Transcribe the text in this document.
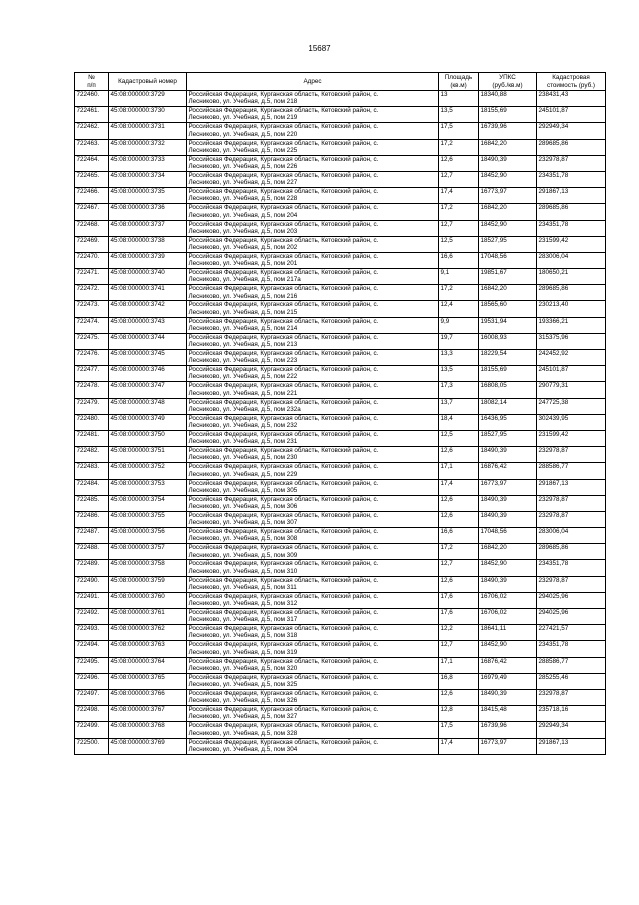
15687
№
п/п	Кадастровый номер	Адрес	Площадь
(кв.м)	УПКС
(руб./кв.м)	Кадастровая
стоимость (руб.)
722460.	45:08:000000:3729	Российская Федерация, Курганская область, Кетовский район, с.
Лесниково, ул. Учебная, д.5, пом 218	13	18340,88	238431,43
722461.	45:08:000000:3730	Российская Федерация, Курганская область, Кетовский район, с.
Лесниково, ул. Учебная, д.5, пом 219	13,5	18155,69	245101,87
722462.	45:08:000000:3731	Российская Федерация, Курганская область, Кетовский район, с.
Лесниково, ул. Учебная, д.5, пом 220	17,5	16739,96	292949,34
722463.	45:08:000000:3732	Российская Федерация, Курганская область, Кетовский район, с.
Лесниково, ул. Учебная, д.5, пом 225	17,2	16842,20	289685,86
722464.	45:08:000000:3733	Российская Федерация, Курганская область, Кетовский район, с.
Лесниково, ул. Учебная, д.5, пом 226	12,6	18490,39	232978,87
722465.	45:08:000000:3734	Российская Федерация, Курганская область, Кетовский район, с.
Лесниково, ул. Учебная, д.5, пом 227	12,7	18452,90	234351,78
722466.	45:08:000000:3735	Российская Федерация, Курганская область, Кетовский район, с.
Лесниково, ул. Учебная, д.5, пом 228	17,4	16773,97	291867,13
722467.	45:08:000000:3736	Российская Федерация, Курганская область, Кетовский район, с.
Лесниково, ул. Учебная, д.5, пом 204	17,2	16842,20	289685,86
722468.	45:08:000000:3737	Российская Федерация, Курганская область, Кетовский район, с.
Лесниково, ул. Учебная, д.5, пом 203	12,7	18452,90	234351,78
722469.	45:08:000000:3738	Российская Федерация, Курганская область, Кетовский район, с.
Лесниково, ул. Учебная, д.5, пом 202	12,5	18527,95	231599,42
722470.	45:08:000000:3739	Российская Федерация, Курганская область, Кетовский район, с.
Лесниково, ул. Учебная, д.5, пом 201	16,6	17048,56	283006,04
722471.	45:08:000000:3740	Российская Федерация, Курганская область, Кетовский район, с.
Лесниково, ул. Учебная, д.5, пом 217а	9,1	19851,67	180650,21
722472.	45:08:000000:3741	Российская Федерация, Курганская область, Кетовский район, с.
Лесниково, ул. Учебная, д.5, пом 216	17,2	16842,20	289685,86
722473.	45:08:000000:3742	Российская Федерация, Курганская область, Кетовский район, с.
Лесниково, ул. Учебная, д.5, пом 215	12,4	18565,60	230213,40
722474.	45:08:000000:3743	Российская Федерация, Курганская область, Кетовский район, с.
Лесниково, ул. Учебная, д.5, пом 214	9,9	19531,94	193366,21
722475.	45:08:000000:3744	Российская Федерация, Курганская область, Кетовский район, с.
Лесниково, ул. Учебная, д.5, пом 213	19,7	16008,93	315375,96
722476.	45:08:000000:3745	Российская Федерация, Курганская область, Кетовский район, с.
Лесниково, ул. Учебная, д.5, пом 223	13,3	18229,54	242452,92
722477.	45:08:000000:3746	Российская Федерация, Курганская область, Кетовский район, с.
Лесниково, ул. Учебная, д.5, пом 222	13,5	18155,69	245101,87
722478.	45:08:000000:3747	Российская Федерация, Курганская область, Кетовский район, с.
Лесниково, ул. Учебная, д.5, пом 221	17,3	16808,05	290779,31
722479.	45:08:000000:3748	Российская Федерация, Курганская область, Кетовский район, с.
Лесниково, ул. Учебная, д.5, пом 232а	13,7	18082,14	247725,38
722480.	45:08:000000:3749	Российская Федерация, Курганская область, Кетовский район, с.
Лесниково, ул. Учебная, д.5, пом 232	18,4	16436,95	302439,95
722481.	45:08:000000:3750	Российская Федерация, Курганская область, Кетовский район, с.
Лесниково, ул. Учебная, д.5, пом 231	12,5	18527,95	231599,42
722482.	45:08:000000:3751	Российская Федерация, Курганская область, Кетовский район, с.
Лесниково, ул. Учебная, д.5, пом 230	12,6	18490,39	232978,87
722483.	45:08:000000:3752	Российская Федерация, Курганская область, Кетовский район, с.
Лесниково, ул. Учебная, д.5, пом 229	17,1	16876,42	288586,77
722484.	45:08:000000:3753	Российская Федерация, Курганская область, Кетовский район, с.
Лесниково, ул. Учебная, д.5, пом 305	17,4	16773,97	291867,13
722485.	45:08:000000:3754	Российская Федерация, Курганская область, Кетовский район, с.
Лесниково, ул. Учебная, д.5, пом 306	12,6	18490,39	232978,87
722486.	45:08:000000:3755	Российская Федерация, Курганская область, Кетовский район, с.
Лесниково, ул. Учебная, д.5, пом 307	12,6	18490,39	232978,87
722487.	45:08:000000:3756	Российская Федерация, Курганская область, Кетовский район, с.
Лесниково, ул. Учебная, д.5, пом 308	16,6	17048,56	283006,04
722488.	45:08:000000:3757	Российская Федерация, Курганская область, Кетовский район, с.
Лесниково, ул. Учебная, д.5, пом 309	17,2	16842,20	289685,86
722489.	45:08:000000:3758	Российская Федерация, Курганская область, Кетовский район, с.
Лесниково, ул. Учебная, д.5, пом 310	12,7	18452,90	234351,78
722490.	45:08:000000:3759	Российская Федерация, Курганская область, Кетовский район, с.
Лесниково, ул. Учебная, д.5, пом 311	12,6	18490,39	232978,87
722491.	45:08:000000:3760	Российская Федерация, Курганская область, Кетовский район, с.
Лесниково, ул. Учебная, д.5, пом 312	17,6	16706,02	294025,96
722492.	45:08:000000:3761	Российская Федерация, Курганская область, Кетовский район, с.
Лесниково, ул. Учебная, д.5, пом 317	17,6	16706,02	294025,96
722493.	45:08:000000:3762	Российская Федерация, Курганская область, Кетовский район, с.
Лесниково, ул. Учебная, д.5, пом 318	12,2	18641,11	227421,57
722494.	45:08:000000:3763	Российская Федерация, Курганская область, Кетовский район, с.
Лесниково, ул. Учебная, д.5, пом 319	12,7	18452,90	234351,78
722495.	45:08:000000:3764	Российская Федерация, Курганская область, Кетовский район, с.
Лесниково, ул. Учебная, д.5, пом 320	17,1	16876,42	288586,77
722496.	45:08:000000:3765	Российская Федерация, Курганская область, Кетовский район, с.
Лесниково, ул. Учебная, д.5, пом 325	16,8	16979,49	285255,46
722497.	45:08:000000:3766	Российская Федерация, Курганская область, Кетовский район, с.
Лесниково, ул. Учебная, д.5, пом 326	12,6	18490,39	232978,87
722498.	45:08:000000:3767	Российская Федерация, Курганская область, Кетовский район, с.
Лесниково, ул. Учебная, д.5, пом 327	12,8	18415,48	235718,16
722499.	45:08:000000:3768	Российская Федерация, Курганская область, Кетовский район, с.
Лесниково, ул. Учебная, д.5, пом 328	17,5	16739,96	292949,34
722500.	45:08:000000:3769	Российская Федерация, Курганская область, Кетовский район, с.
Лесниково, ул. Учебная, д.5, пом 304	17,4	16773,97	291867,13
